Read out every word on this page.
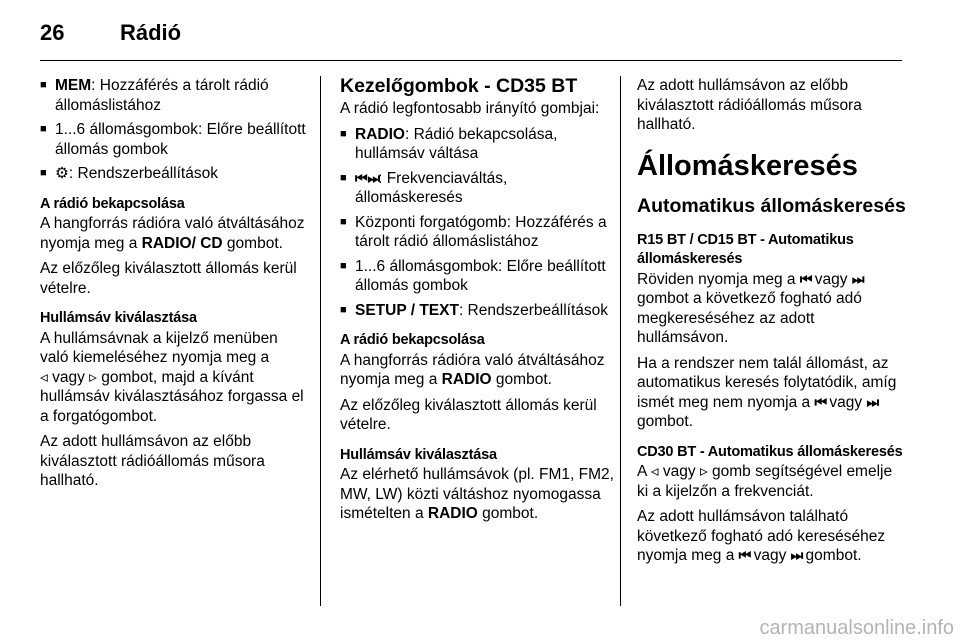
26	Rádió
■ MEM: Hozzáférés a tárolt rádió állomáslistához
■ 1...6 állomásgombok: Előre beállított állomás gombok
■ ⚙: Rendszerbeállítások
A rádió bekapcsolása

A hangforrás rádióra való átváltásához nyomja meg a RADIO/ CD gombot.

Az előzőleg kiválasztott állomás kerül vételre.

Hullámsáv kiválasztása

A hullámsávnak a kijelző menüben való kiemeléséhez nyomja meg a
◃ vagy ▹ gombot, majd a kívánt hullámsáv kiválasztásához forgassa el a forgatógombot.

Az adott hullámsávon az előbb kiválasztott rádióállomás műsora hallható.

Kezelőgombok - CD35 BT

A rádió legfontosabb irányító gombjai:

■ RADIO: Rádió bekapcsolása, hullámsáv váltása
■ ⏮ ⏭: Frekvenciaváltás, állomáskeresés
■ Központi forgatógomb: Hozzáférés a tárolt rádió állomáslistához
■ 1...6 állomásgombok: Előre beállított állomás gombok
■ SETUP / TEXT: Rendszerbeállítások
A rádió bekapcsolása

A hangforrás rádióra való átváltásához nyomja meg a RADIO gombot.

Az előzőleg kiválasztott állomás kerül vételre.

Hullámsáv kiválasztása

Az elérhető hullámsávok (pl. FM1, FM2, MW, LW) közti váltáshoz nyomogassa ismételten a RADIO gombot.

Az adott hullámsávon az előbb kiválasztott rádióállomás műsora hallható.

Állomáskeresés
Automatikus állomáskeresés
R15 BT / CD15 BT - Automatikus állomáskeresés

Röviden nyomja meg a ⏮ vagy ⏭ gombot a következő fogható adó megkereséséhez az adott hullámsávon.

Ha a rendszer nem talál állomást, az automatikus keresés folytatódik, amíg ismét meg nem nyomja a ⏮ vagy ⏭ gombot.

CD30 BT - Automatikus állomáskeresés

A ◃ vagy ▹ gomb segítségével emelje ki a kijelzőn a frekvenciát.

Az adott hullámsávon található következő fogható adó kereséséhez nyomja meg a ⏮ vagy ⏭ gombot.

carmanualsonline.info
